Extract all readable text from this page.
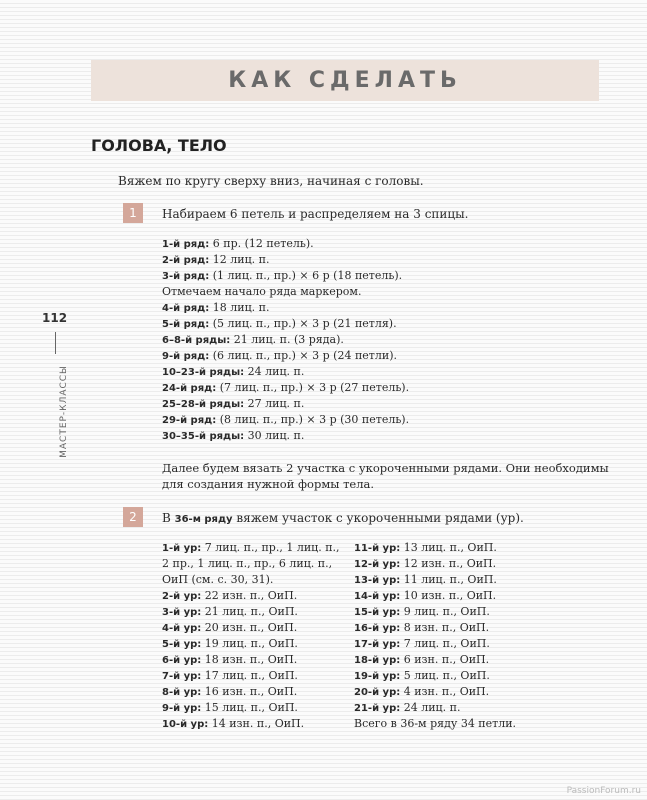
КАК СДЕЛАТЬ
ГОЛОВА, ТЕЛО

Вяжем по кругу сверху вниз, начиная с головы.

1	Набираем 6 петель и распределяем на 3 спицы.

1-й ряд: 6 пр. (12 петель).
2-й ряд: 12 лиц. п.
3-й ряд: (1 лиц. п., пр.) × 6 р (18 петель).
Отмечаем начало ряда маркером.
4-й ряд: 18 лиц. п.
5-й ряд: (5 лиц. п., пр.) × 3 р (21 петля).
6–8-й ряды: 21 лиц. п. (3 ряда).
9-й ряд: (6 лиц. п., пр.) × 3 р (24 петли).
10–23-й ряды: 24 лиц. п.
24-й ряд: (7 лиц. п., пр.) × 3 р (27 петель).
25–28-й ряды: 27 лиц. п.
29-й ряд: (8 лиц. п., пр.) × 3 р (30 петель).
30–35-й ряды: 30 лиц. п.

Далее будем вязать 2 участка с укороченными рядами. Они необходимы для создания нужной формы тела.

2	В 36-м ряду вяжем участок с укороченными рядами (ур).

1-й ур: 7 лиц. п., пр., 1 лиц. п.,
2 пр., 1 лиц. п., пр., 6 лиц. п.,
ОиП (см. с. 30, 31).
2-й ур: 22 изн. п., ОиП.
3-й ур: 21 лиц. п., ОиП.
4-й ур: 20 изн. п., ОиП.
5-й ур: 19 лиц. п., ОиП.
6-й ур: 18 изн. п., ОиП.
7-й ур: 17 лиц. п., ОиП.
8-й ур: 16 изн. п., ОиП.
9-й ур: 15 лиц. п., ОиП.
10-й ур: 14 изн. п., ОиП.
11-й ур: 13 лиц. п., ОиП.
12-й ур: 12 изн. п., ОиП.
13-й ур: 11 лиц. п., ОиП.
14-й ур: 10 изн. п., ОиП.
15-й ур: 9 лиц. п., ОиП.
16-й ур: 8 изн. п., ОиП.
17-й ур: 7 лиц. п., ОиП.
18-й ур: 6 изн. п., ОиП.
19-й ур: 5 лиц. п., ОиП.
20-й ур: 4 изн. п., ОиП.
21-й ур: 24 лиц. п.
Всего в 36-м ряду 34 петли.
112
МАСТЕР-КЛАССЫ
PassionForum.ru
